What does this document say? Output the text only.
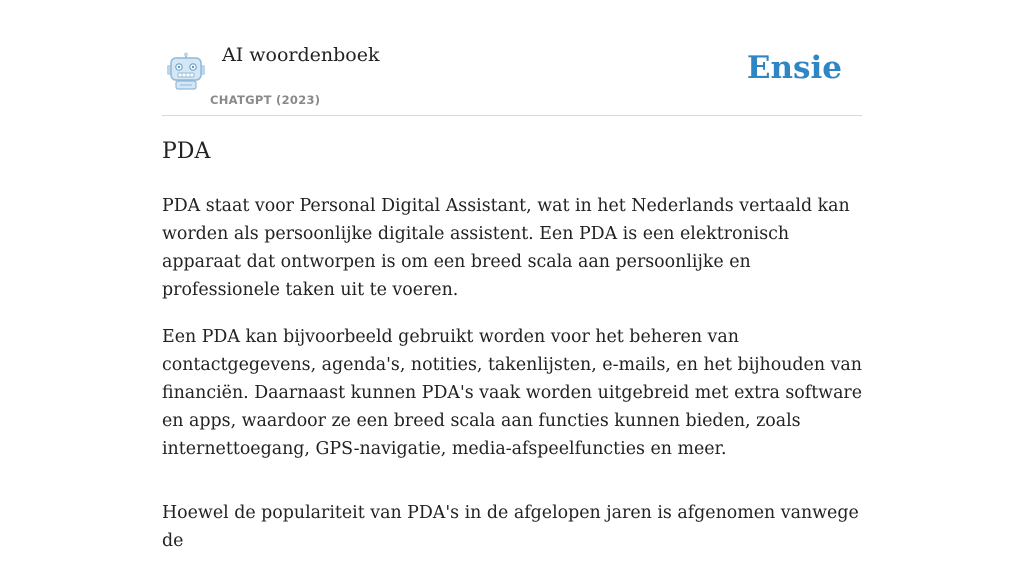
AI woordenboek
CHATGPT (2023)
Ensie
PDA

PDA staat voor Personal Digital Assistant, wat in het Nederlands vertaald kan worden als persoonlijke digitale assistent. Een PDA is een elektronisch apparaat dat ontworpen is om een breed scala aan persoonlijke en professionele taken uit te voeren.

Een PDA kan bijvoorbeeld gebruikt worden voor het beheren van contactgegevens, agenda's, notities, takenlijsten, e-mails, en het bijhouden van financiën. Daarnaast kunnen PDA's vaak worden uitgebreid met extra software en apps, waardoor ze een breed scala aan functies kunnen bieden, zoals internettoegang, GPS-navigatie, media-afspeelfuncties en meer.

Hoewel de populariteit van PDA's in de afgelopen jaren is afgenomen vanwege de
